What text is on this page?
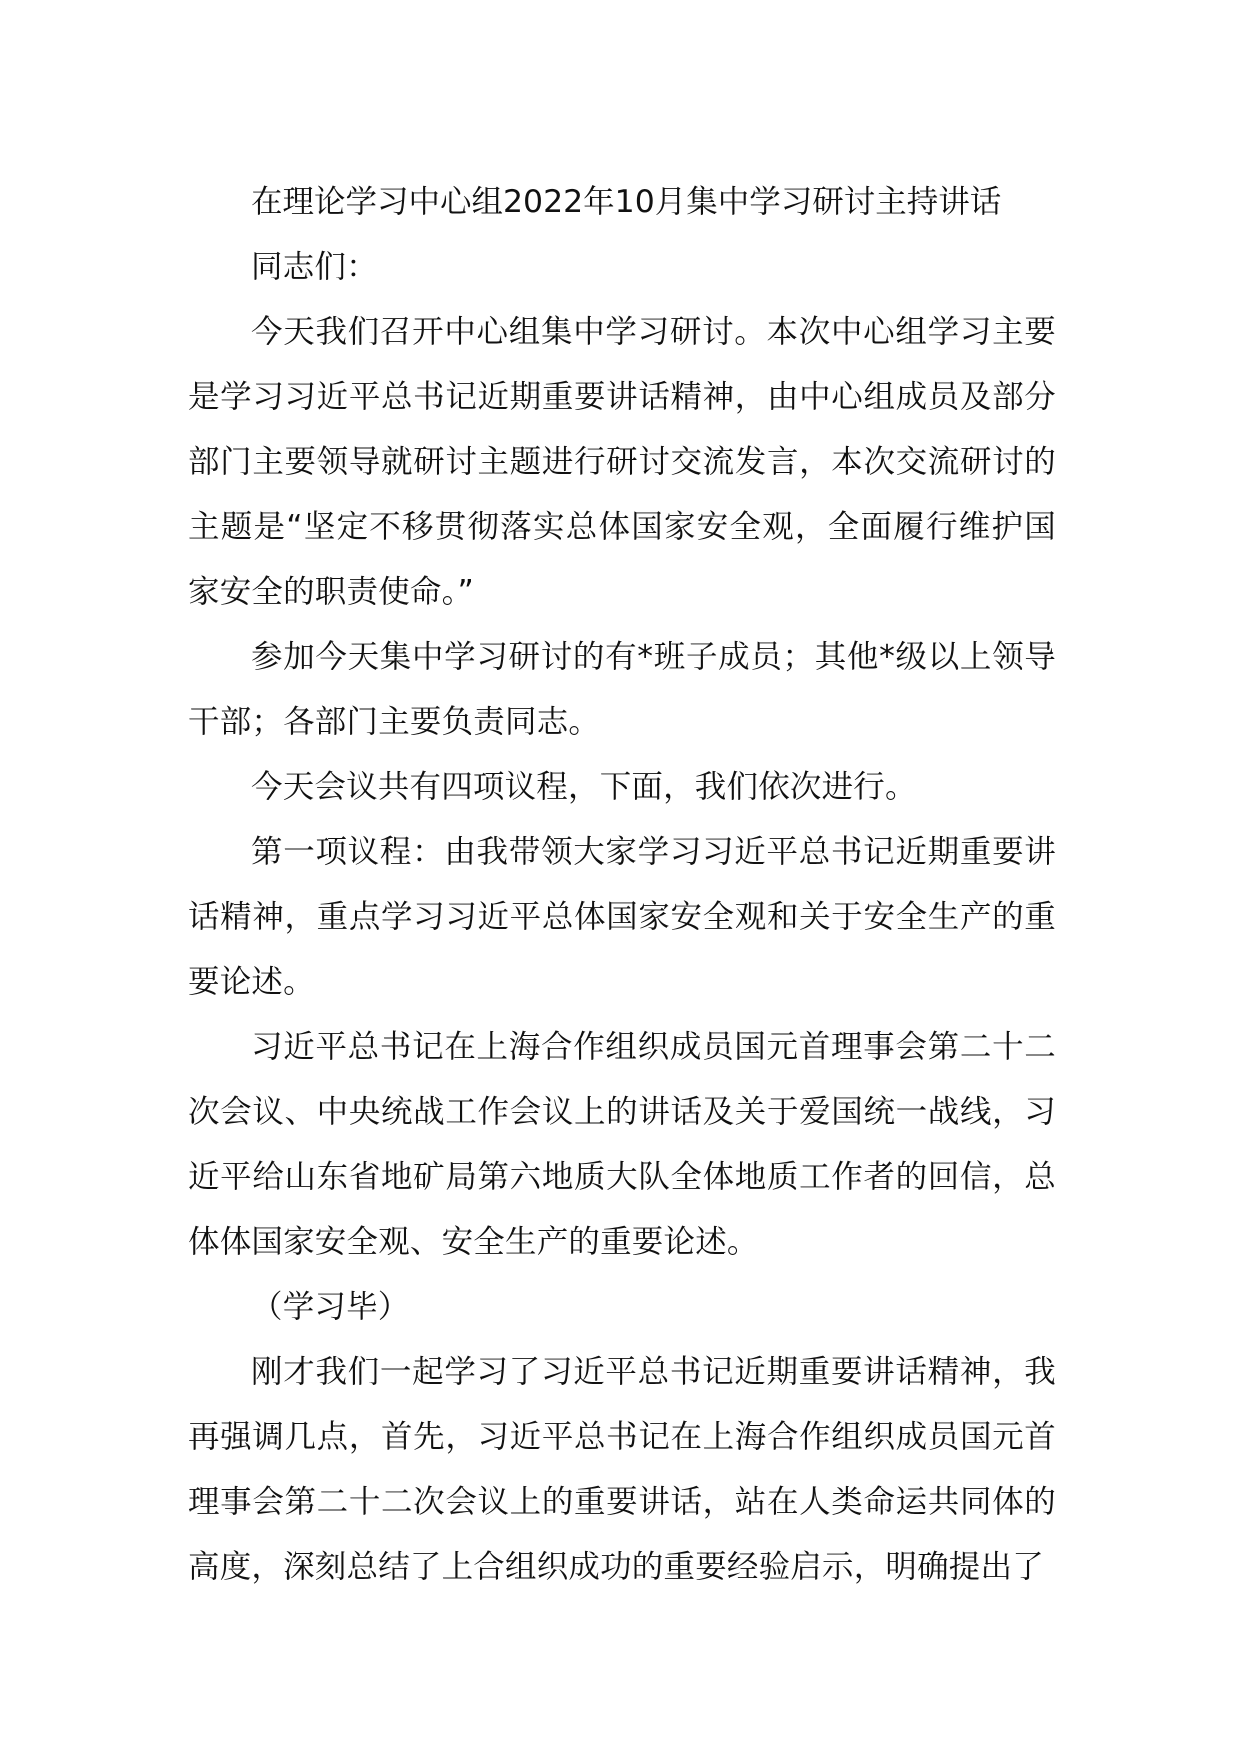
在理论学习中心组2022年10月集中学习研讨主持讲话

同志们：

今天我们召开中心组集中学习研讨。本次中心组学习主要是学习习近平总书记近期重要讲话精神，由中心组成员及部分部门主要领导就研讨主题进行研讨交流发言，本次交流研讨的主题是“坚定不移贯彻落实总体国家安全观，全面履行维护国家安全的职责使命。”

参加今天集中学习研讨的有*班子成员；其他*级以上领导干部；各部门主要负责同志。

今天会议共有四项议程，下面，我们依次进行。

第一项议程：由我带领大家学习习近平总书记近期重要讲话精神，重点学习习近平总体国家安全观和关于安全生产的重要论述。

习近平总书记在上海合作组织成员国元首理事会第二十二次会议、中央统战工作会议上的讲话及关于爱国统一战线，习近平给山东省地矿局第六地质大队全体地质工作者的回信，总体体国家安全观、安全生产的重要论述。

（学习毕）

刚才我们一起学习了习近平总书记近期重要讲话精神，我再强调几点，首先，习近平总书记在上海合作组织成员国元首理事会第二十二次会议上的重要讲话，站在人类命运共同体的高度，深刻总结了上合组织成功的重要经验启示，明确提出了
